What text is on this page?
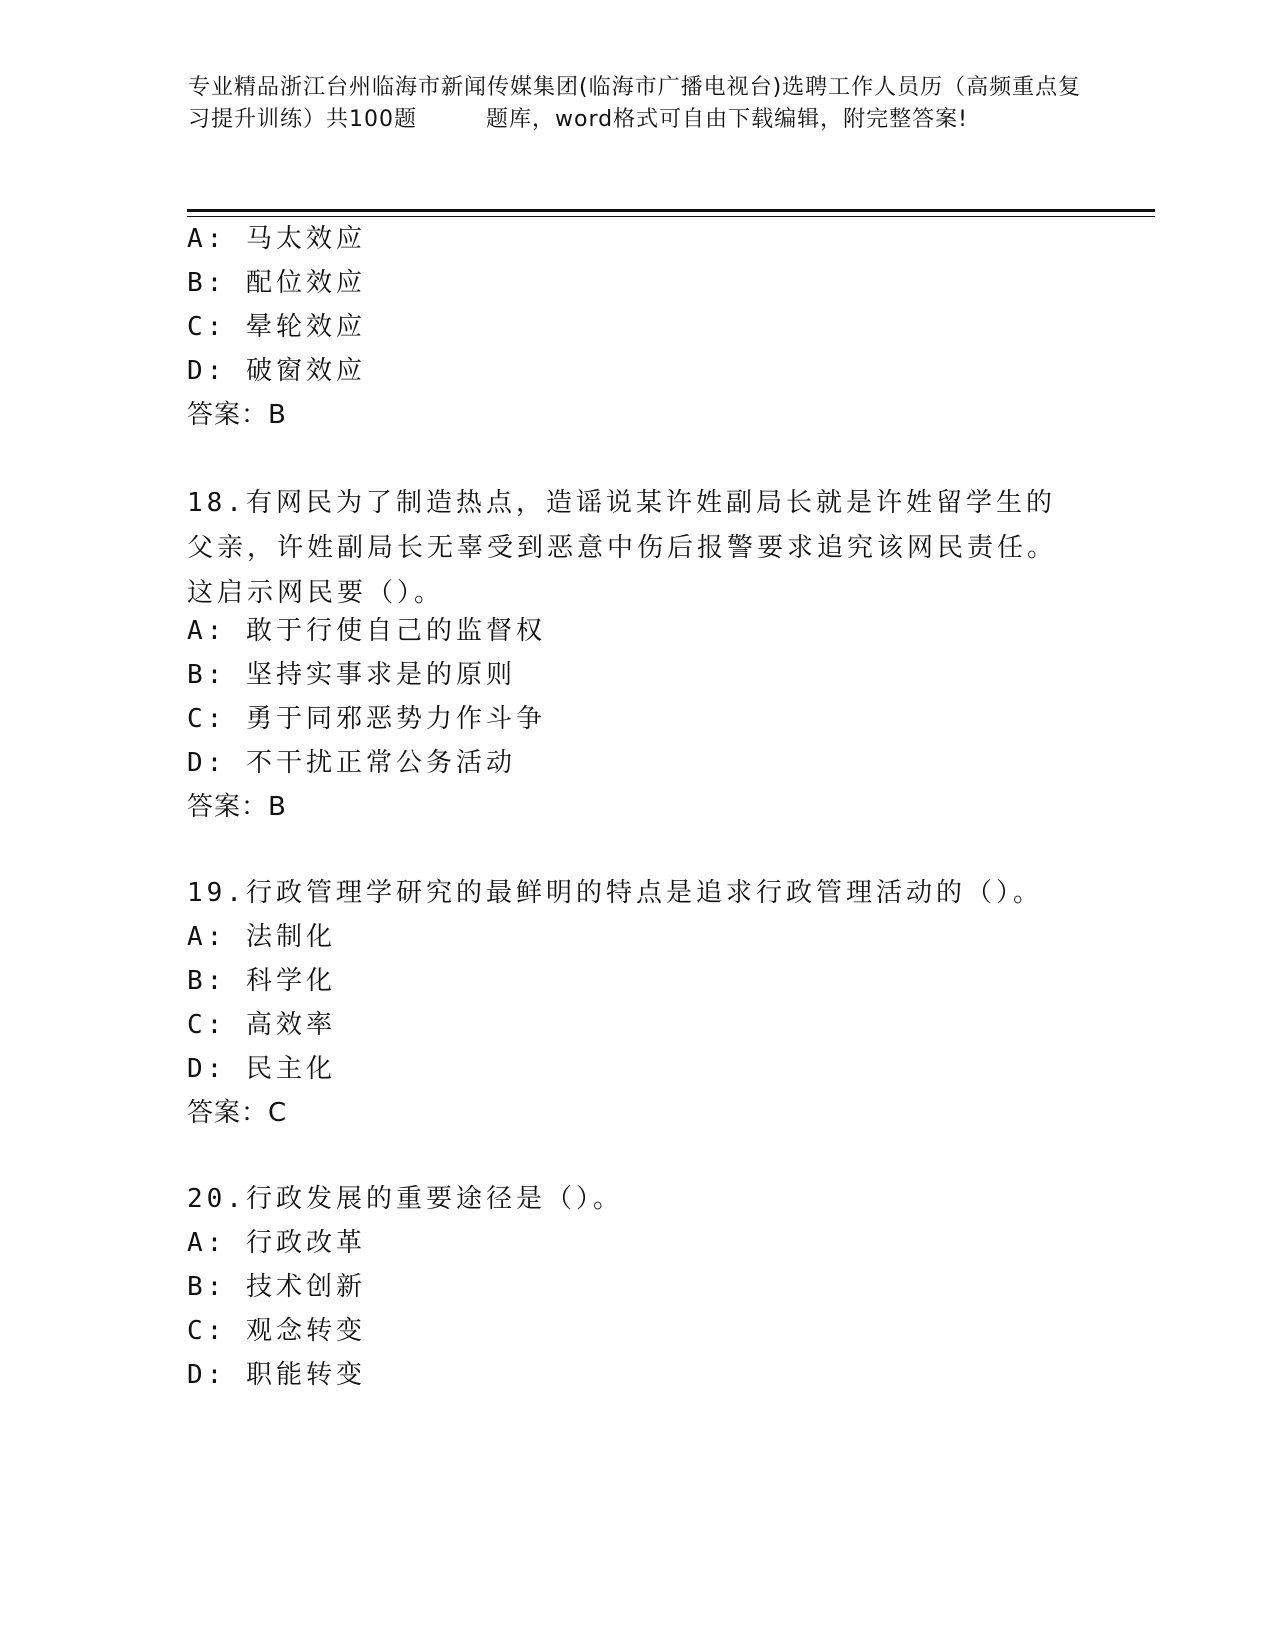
专业精品浙江台州临海市新闻传媒集团(临海市广播电视台)选聘工作人员历（高频重点复习提升训练）共100题　　　题库，word格式可自由下载编辑，附完整答案!
A: 马太效应
B: 配位效应
C: 晕轮效应
D: 破窗效应
答案：B
18.有网民为了制造热点，造谣说某许姓副局长就是许姓留学生的父亲，许姓副局长无辜受到恶意中伤后报警要求追究该网民责任。这启示网民要（）。
A: 敢于行使自己的监督权
B: 坚持实事求是的原则
C: 勇于同邪恶势力作斗争
D: 不干扰正常公务活动
答案：B
19.行政管理学研究的最鲜明的特点是追求行政管理活动的（）。
A: 法制化
B: 科学化
C: 高效率
D: 民主化
答案：C
20.行政发展的重要途径是（）。
A: 行政改革
B: 技术创新
C: 观念转变
D: 职能转变
